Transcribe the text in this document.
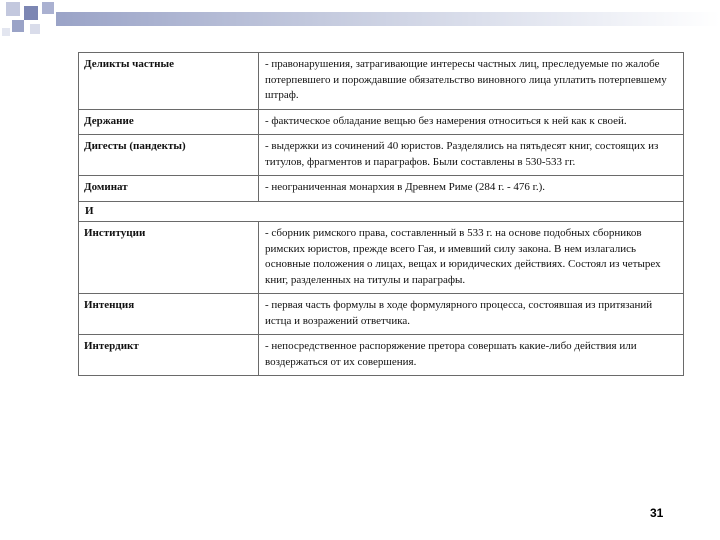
Деликты частные	- правонарушения, затрагивающие интересы частных лиц, преследуемые по жалобе потерпевшего и порождавшие обязательство виновного лица уплатить потерпевшему штраф.
Держание	- фактическое обладание вещью без намерения относиться к ней как к своей.
Дигесты (пандекты)	- выдержки из сочинений 40 юристов. Разделялись на пятьдесят книг, состоящих из титулов, фрагментов и параграфов. Были составлены в 530-533 гг.
Доминат	- неограниченная монархия в Древнем Риме (284 г. - 476 г.).
И	
Институции	- сборник римского права, составленный в 533 г. на основе подобных сборников римских юристов, прежде всего Гая, и имевший силу закона. В нем излагались основные положения о лицах, вещах и юридических действиях. Состоял из четырех книг, разделенных на титулы и параграфы.
Интенция	- первая часть формулы в ходе формулярного процесса, состоявшая из притязаний истца и возражений ответчика.
Интердикт	- непосредственное распоряжение претора совершать какие-либо действия или воздержаться от их совершения.
31
